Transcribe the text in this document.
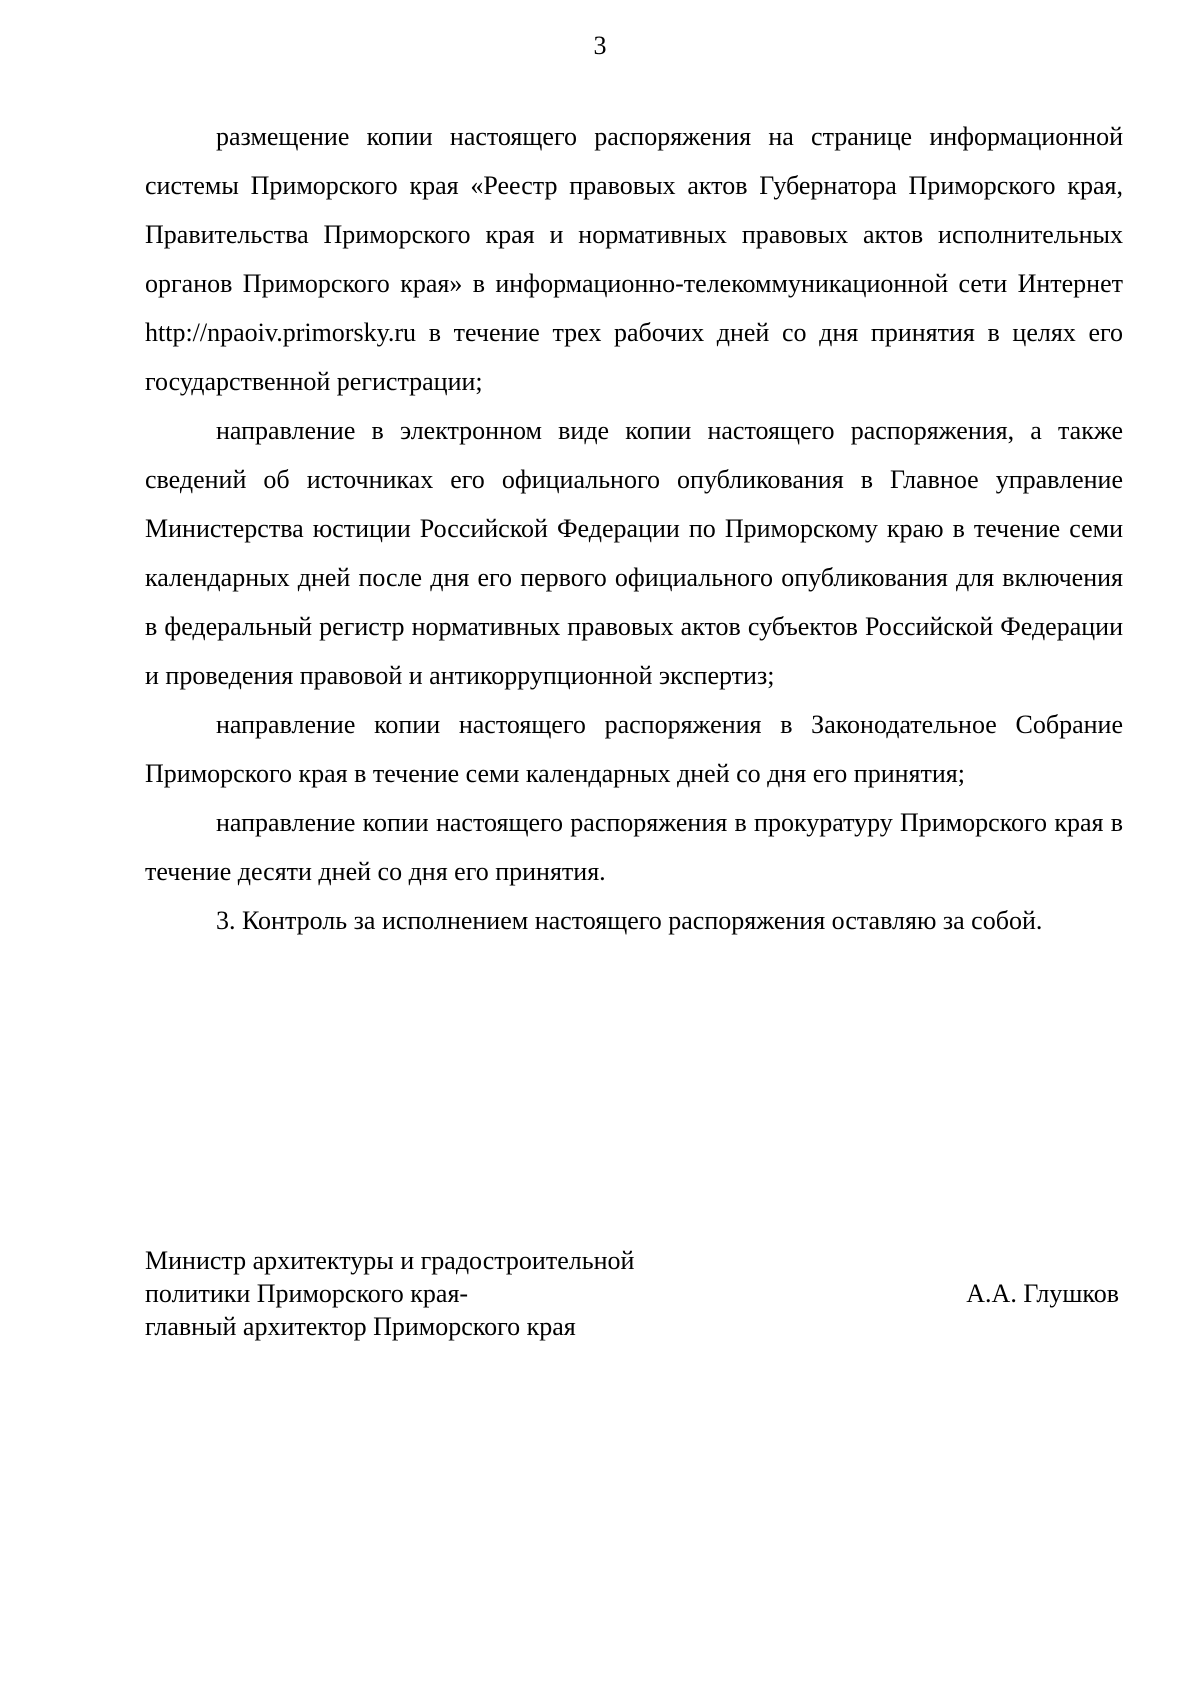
3

размещение копии настоящего распоряжения на странице информационной системы Приморского края «Реестр правовых актов Губернатора Приморского края, Правительства Приморского края и нормативных правовых актов исполнительных органов Приморского края» в информационно-телекоммуникационной сети Интернет http://npaoiv.primorsky.ru в течение трех рабочих дней со дня принятия в целях его государственной регистрации;

направление в электронном виде копии настоящего распоряжения, а также сведений об источниках его официального опубликования в Главное управление Министерства юстиции Российской Федерации по Приморскому краю в течение семи календарных дней после дня его первого официального опубликования для включения в федеральный регистр нормативных правовых актов субъектов Российской Федерации и проведения правовой и антикоррупционной экспертиз;

направление копии настоящего распоряжения в Законодательное Собрание Приморского края в течение семи календарных дней со дня его принятия;

направление копии настоящего распоряжения в прокуратуру Приморского края в течение десяти дней со дня его принятия.

3. Контроль за исполнением настоящего распоряжения оставляю за собой.

Министр архитектуры и градостроительной
политики Приморского края-
главный архитектор Приморского края
А.А. Глушков
